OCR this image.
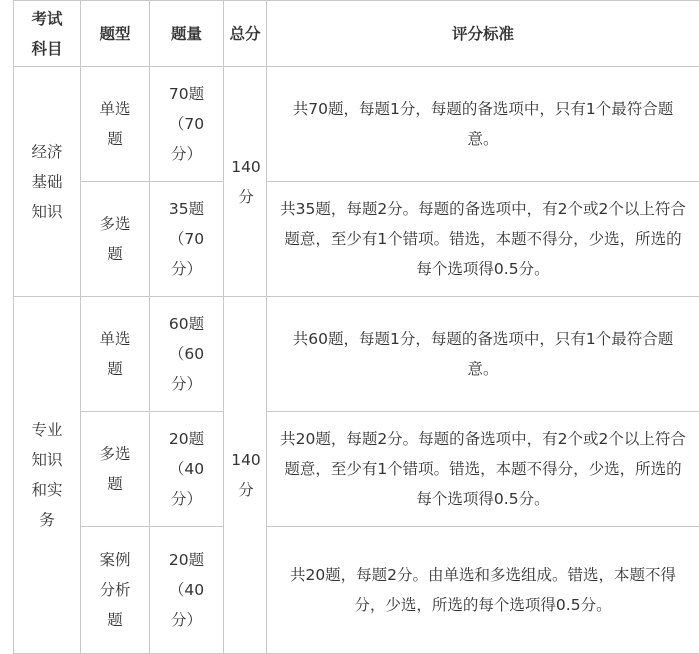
考试科目	题型	题量	总分	评分标准
经济基础知识	单选题	70题（70分）	140分	共70题，每题1分，每题的备选项中，只有1个最符合题意。
	多选题	35题（70分）		共35题，每题2分。每题的备选项中，有2个或2个以上符合题意，至少有1个错项。错选，本题不得分，少选，所选的每个选项得0.5分。
专业知识和实务	单选题	60题（60分）	140分	共60题，每题1分，每题的备选项中，只有1个最符合题意。
	多选题	20题（40分）		共20题，每题2分。每题的备选项中，有2个或2个以上符合题意，至少有1个错项。错选，本题不得分，少选，所选的每个选项得0.5分。
	案例分析题	20题（40分）		共20题，每题2分。由单选和多选组成。错选，本题不得分，少选，所选的每个选项得0.5分。
